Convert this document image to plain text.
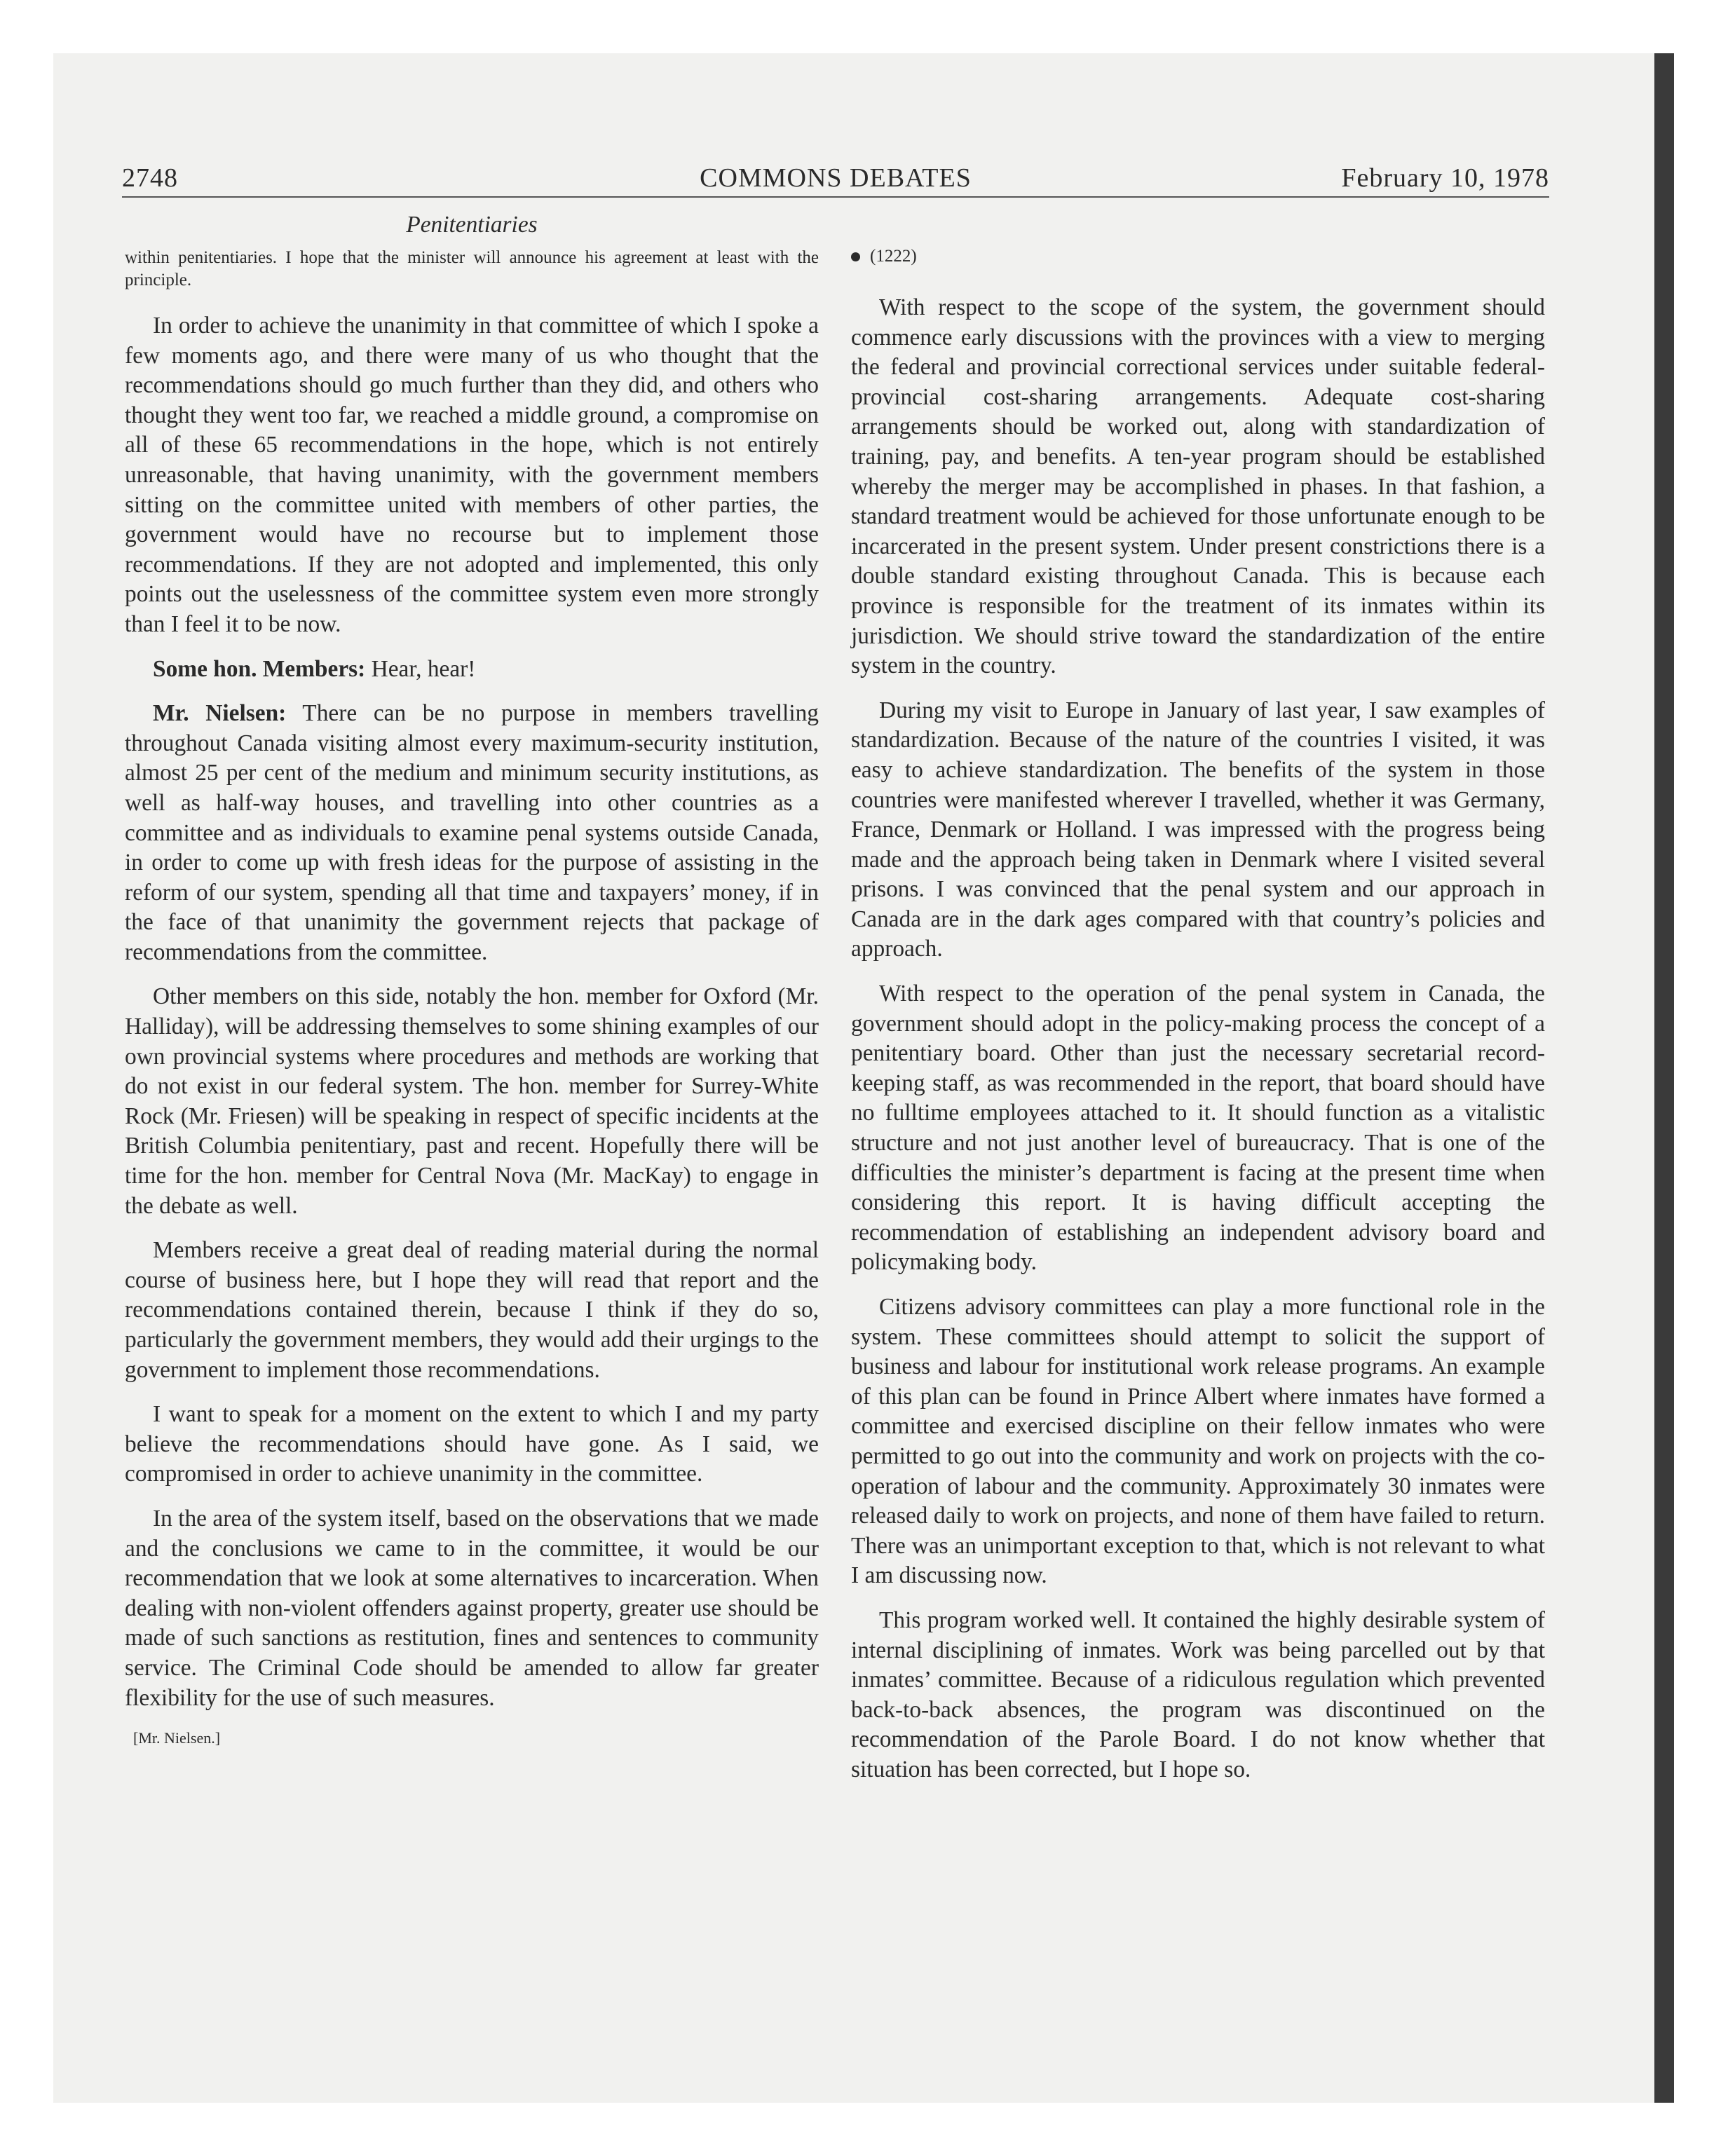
2748	COMMONS DEBATES	February 10, 1978
Penitentiaries
within penitentiaries. I hope that the minister will announce his agreement at least with the principle.

In order to achieve the unanimity in that committee of which I spoke a few moments ago, and there were many of us who thought that the recommendations should go much further than they did, and others who thought they went too far, we reached a middle ground, a compromise on all of these 65 recommendations in the hope, which is not entirely unreasonable, that having unanimity, with the government members sitting on the committee united with members of other parties, the government would have no recourse but to implement those recommendations. If they are not adopted and implemented, this only points out the uselessness of the committee system even more strongly than I feel it to be now.

Some hon. Members: Hear, hear!

Mr. Nielsen: There can be no purpose in members travelling throughout Canada visiting almost every maximum-security institution, almost 25 per cent of the medium and minimum security institutions, as well as half-way houses, and travelling into other countries as a committee and as individuals to examine penal systems outside Canada, in order to come up with fresh ideas for the purpose of assisting in the reform of our system, spending all that time and taxpayers’ money, if in the face of that unanimity the government rejects that package of recommendations from the committee.

Other members on this side, notably the hon. member for Oxford (Mr. Halliday), will be addressing themselves to some shining examples of our own provincial systems where procedures and methods are working that do not exist in our federal system. The hon. member for Surrey-White Rock (Mr. Friesen) will be speaking in respect of specific incidents at the British Columbia penitentiary, past and recent. Hopefully there will be time for the hon. member for Central Nova (Mr. MacKay) to engage in the debate as well.

Members receive a great deal of reading material during the normal course of business here, but I hope they will read that report and the recommendations contained therein, because I think if they do so, particularly the government members, they would add their urgings to the government to implement those recommendations.

I want to speak for a moment on the extent to which I and my party believe the recommendations should have gone. As I said, we compromised in order to achieve unanimity in the committee.

In the area of the system itself, based on the observations that we made and the conclusions we came to in the committee, it would be our recommendation that we look at some alternatives to incarceration. When dealing with non-violent offenders against property, greater use should be made of such sanctions as restitution, fines and sentences to community service. The Criminal Code should be amended to allow far greater flexibility for the use of such measures.

[Mr. Nielsen.]
(1222)

With respect to the scope of the system, the government should commence early discussions with the provinces with a view to merging the federal and provincial correctional services under suitable federal-provincial cost-sharing arrangements. Adequate cost-sharing arrangements should be worked out, along with standardization of training, pay, and benefits. A ten-year program should be established whereby the merger may be accomplished in phases. In that fashion, a standard treatment would be achieved for those unfortunate enough to be incarcerated in the present system. Under present constrictions there is a double standard existing throughout Canada. This is because each province is responsible for the treatment of its inmates within its jurisdiction. We should strive toward the standardization of the entire system in the country.

During my visit to Europe in January of last year, I saw examples of standardization. Because of the nature of the countries I visited, it was easy to achieve standardization. The benefits of the system in those countries were manifested wherever I travelled, whether it was Germany, France, Denmark or Holland. I was impressed with the progress being made and the approach being taken in Denmark where I visited several prisons. I was convinced that the penal system and our approach in Canada are in the dark ages compared with that country’s policies and approach.

With respect to the operation of the penal system in Canada, the government should adopt in the policy-making process the concept of a penitentiary board. Other than just the necessary secretarial record-keeping staff, as was recommended in the report, that board should have no fulltime employees attached to it. It should function as a vitalistic structure and not just another level of bureaucracy. That is one of the difficulties the minister’s department is facing at the present time when considering this report. It is having difficult accepting the recommendation of establishing an independent advisory board and policymaking body.

Citizens advisory committees can play a more functional role in the system. These committees should attempt to solicit the support of business and labour for institutional work release programs. An example of this plan can be found in Prince Albert where inmates have formed a committee and exercised discipline on their fellow inmates who were permitted to go out into the community and work on projects with the co-operation of labour and the community. Approximately 30 inmates were released daily to work on projects, and none of them have failed to return. There was an unimportant exception to that, which is not relevant to what I am discussing now.

This program worked well. It contained the highly desirable system of internal disciplining of inmates. Work was being parcelled out by that inmates’ committee. Because of a ridiculous regulation which prevented back-to-back absences, the program was discontinued on the recommendation of the Parole Board. I do not know whether that situation has been corrected, but I hope so.
